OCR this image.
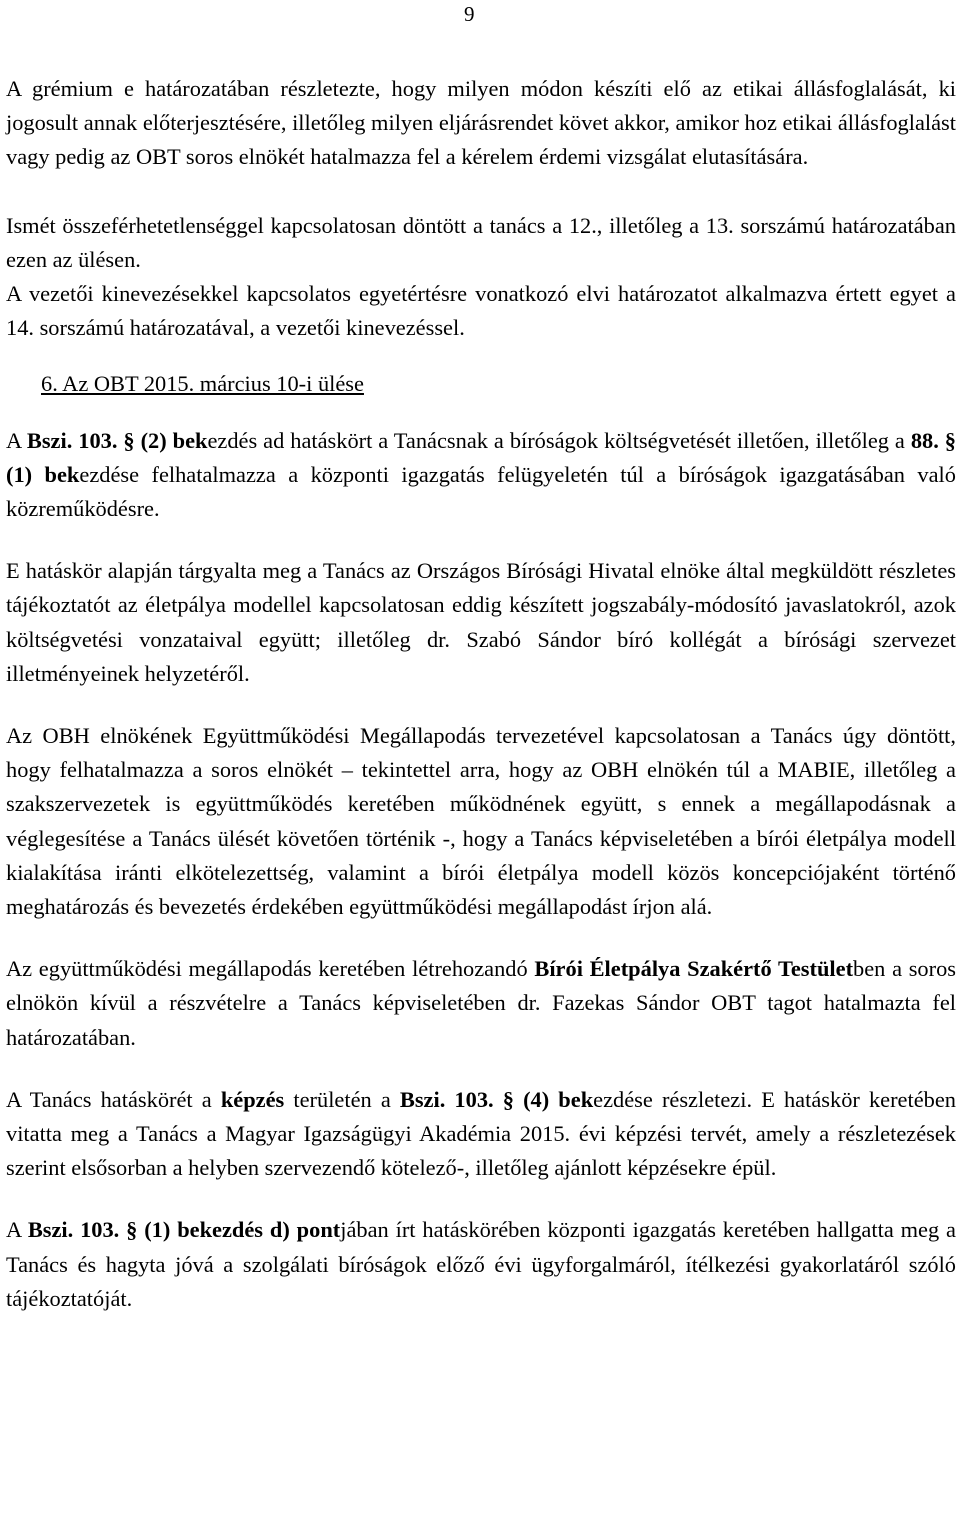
9

A grémium e határozatában részletezte, hogy milyen módon készíti elő az etikai állásfoglalását, ki jogosult annak előterjesztésére, illetőleg milyen eljárásrendet követ akkor, amikor hoz etikai állásfoglalást vagy pedig az OBT soros elnökét hatalmazza fel a kérelem érdemi vizsgálat elutasítására.

Ismét összeférhetetlenséggel kapcsolatosan döntött a tanács a 12., illetőleg a 13. sorszámú határozatában ezen az ülésen.

A vezetői kinevezésekkel kapcsolatos egyetértésre vonatkozó elvi határozatot alkalmazva értett egyet a 14. sorszámú határozatával, a vezetői kinevezéssel.

6. Az OBT 2015. március 10-i ülése

A Bszi. 103. § (2) bekezdés ad hatáskört a Tanácsnak a bíróságok költségvetését illetően, illetőleg a 88. § (1) bekezdése felhatalmazza a központi igazgatás felügyeletén túl a bíróságok igazgatásában való közreműködésre.

E hatáskör alapján tárgyalta meg a Tanács az Országos Bírósági Hivatal elnöke által megküldött részletes tájékoztatót az életpálya modellel kapcsolatosan eddig készített jogszabály-módosító javaslatokról, azok költségvetési vonzataival együtt; illetőleg dr. Szabó Sándor bíró kollégát a bírósági szervezet illetményeinek helyzetéről.

Az OBH elnökének Együttműködési Megállapodás tervezetével kapcsolatosan a Tanács úgy döntött, hogy felhatalmazza a soros elnökét – tekintettel arra, hogy az OBH elnökén túl a MABIE, illetőleg a szakszervezetek is együttműködés keretében működnének együtt, s ennek a megállapodásnak a véglegesítése a Tanács ülését követően történik -, hogy a Tanács képviseletében a bírói életpálya modell kialakítása iránti elkötelezettség, valamint a bírói életpálya modell közös koncepciójaként történő meghatározás és bevezetés érdekében együttműködési megállapodást írjon alá.

Az együttműködési megállapodás keretében létrehozandó Bírói Életpálya Szakértő Testületben a soros elnökön kívül a részvételre a Tanács képviseletében dr. Fazekas Sándor OBT tagot hatalmazta fel határozatában.

A Tanács hatáskörét a képzés területén a Bszi. 103. § (4) bekezdése részletezi. E hatáskör keretében vitatta meg a Tanács a Magyar Igazságügyi Akadémia 2015. évi képzési tervét, amely a részletezések szerint elsősorban a helyben szervezendő kötelező-, illetőleg ajánlott képzésekre épül.

A Bszi. 103. § (1) bekezdés d) pontjában írt hatáskörében központi igazgatás keretében hallgatta meg a Tanács és hagyta jóvá a szolgálati bíróságok előző évi ügyforgalmáról, ítélkezési gyakorlatáról szóló tájékoztatóját.
